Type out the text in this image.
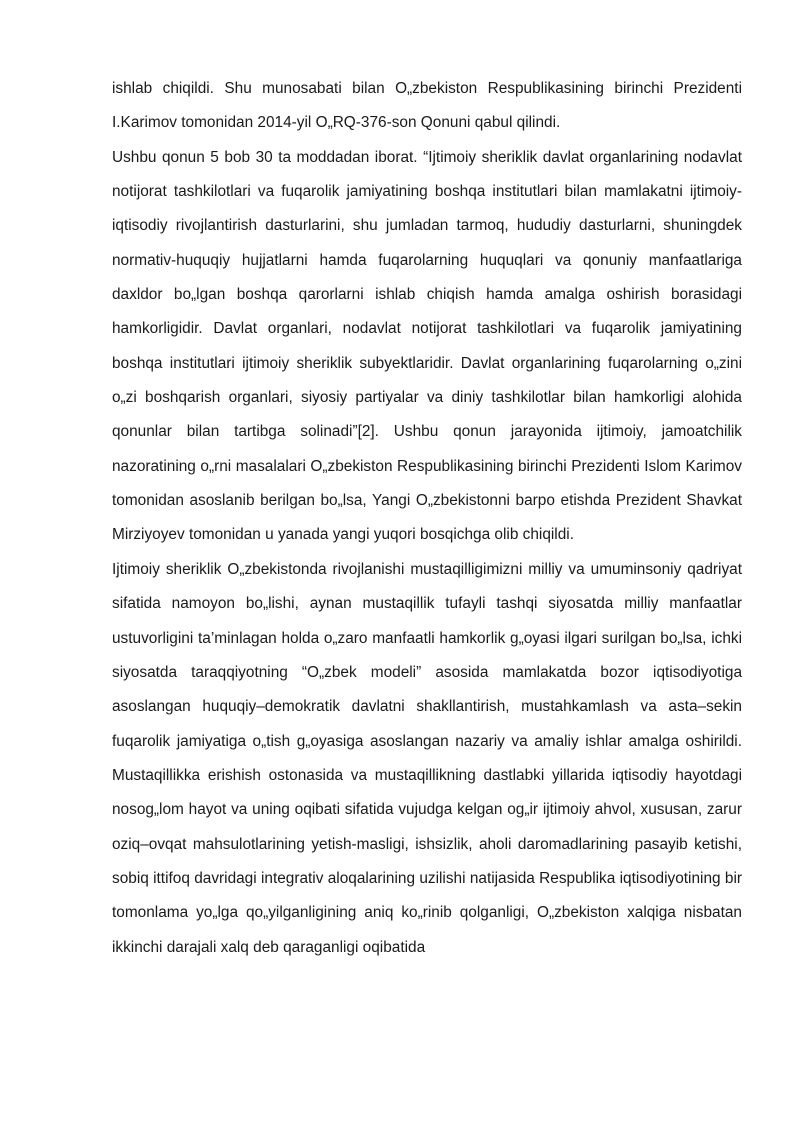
ishlab chiqildi. Shu munosabati bilan O„zbekiston Respublikasining birinchi Prezidenti I.Karimov tomonidan 2014-yil O„RQ-376-son Qonuni qabul qilindi.

Ushbu qonun 5 bob 30 ta moddadan iborat. “Ijtimoiy sheriklik davlat organlarining nodavlat notijorat tashkilotlari va fuqarolik jamiyatining boshqa institutlari bilan mamlakatni ijtimoiy-iqtisodiy rivojlantirish dasturlarini, shu jumladan tarmoq, hududiy dasturlarni, shuningdek normativ-huquqiy hujjatlarni hamda fuqarolarning huquqlari va qonuniy manfaatlariga daxldor bo„lgan boshqa qarorlarni ishlab chiqish hamda amalga oshirish borasidagi hamkorligidir. Davlat organlari, nodavlat notijorat tashkilotlari va fuqarolik jamiyatining boshqa institutlari ijtimoiy sheriklik subyektlaridir. Davlat organlarining fuqarolarning o„zini o„zi boshqarish organlari, siyosiy partiyalar va diniy tashkilotlar bilan hamkorligi alohida qonunlar bilan tartibga solinadi”[2]. Ushbu qonun jarayonida ijtimoiy, jamoatchilik nazoratining o„rni masalalari O„zbekiston Respublikasining birinchi Prezidenti Islom Karimov tomonidan asoslanib berilgan bo„lsa, Yangi O„zbekistonni barpo etishda Prezident Shavkat Mirziyoyev tomonidan u yanada yangi yuqori bosqichga olib chiqildi.

Ijtimoiy sheriklik O„zbekistonda rivojlanishi mustaqilligimizni milliy va umuminsoniy qadriyat sifatida namoyon bo„lishi, aynan mustaqillik tufayli tashqi siyosatda milliy manfaatlar ustuvorligini ta’minlagan holda o„zaro manfaatli hamkorlik g„oyasi ilgari surilgan bo„lsa, ichki siyosatda taraqqiyotning “O„zbek modeli” asosida mamlakatda bozor iqtisodiyotiga asoslangan huquqiy–demokratik davlatni shakllantirish, mustahkamlash va asta–sekin fuqarolik jamiyatiga o„tish g„oyasiga asoslangan nazariy va amaliy ishlar amalga oshirildi. Mustaqillikka erishish ostonasida va mustaqillikning dastlabki yillarida iqtisodiy hayotdagi nosog„lom hayot va uning oqibati sifatida vujudga kelgan og„ir ijtimoiy ahvol, xususan, zarur oziq–ovqat mahsulotlarining yetish-masligi, ishsizlik, aholi daromadlarining pasayib ketishi, sobiq ittifoq davridagi integrativ aloqalarining uzilishi natijasida Respublika iqtisodiyotining bir tomonlama yo„lga qo„yilganligining aniq ko„rinib qolganligi, O„zbekiston xalqiga nisbatan ikkinchi darajali xalq deb qaraganligi oqibatida
